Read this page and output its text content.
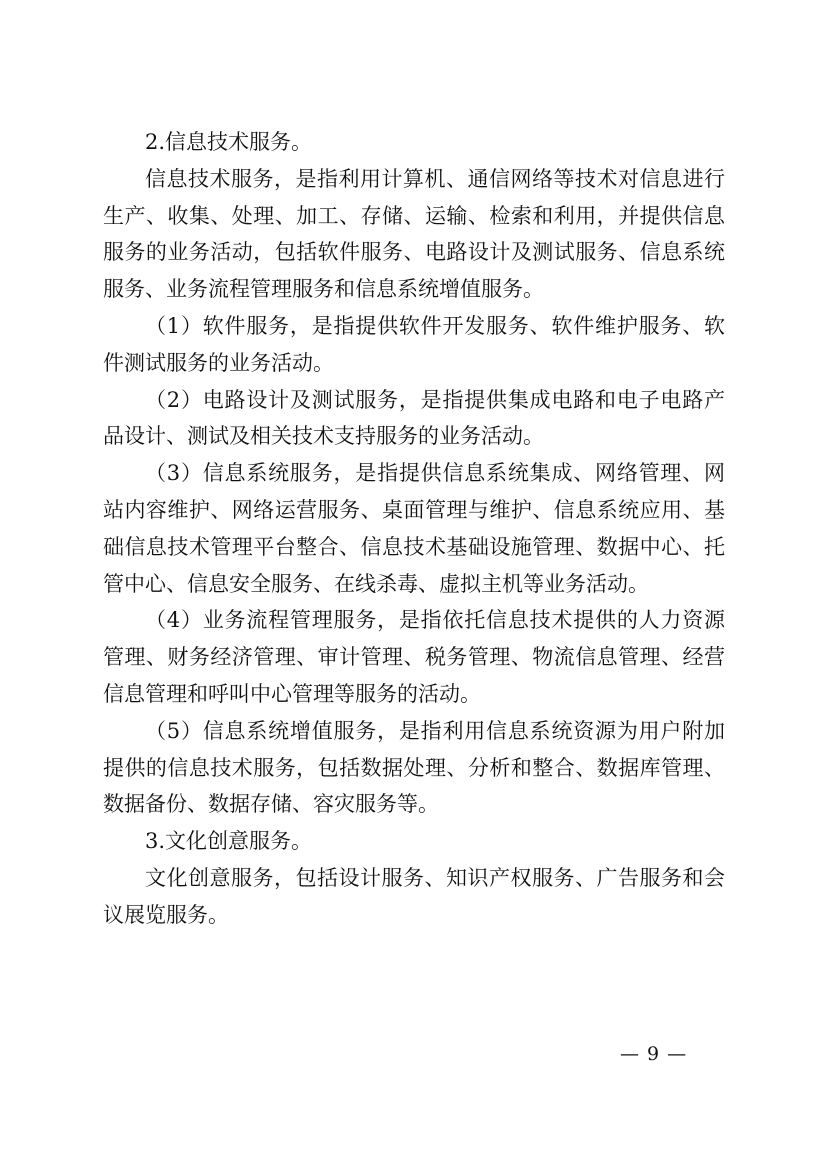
2.信息技术服务。

信息技术服务，是指利用计算机、通信网络等技术对信息进行生产、收集、处理、加工、存储、运输、检索和利用，并提供信息服务的业务活动，包括软件服务、电路设计及测试服务、信息系统服务、业务流程管理服务和信息系统增值服务。

（1）软件服务，是指提供软件开发服务、软件维护服务、软件测试服务的业务活动。

（2）电路设计及测试服务，是指提供集成电路和电子电路产品设计、测试及相关技术支持服务的业务活动。

（3）信息系统服务，是指提供信息系统集成、网络管理、网站内容维护、网络运营服务、桌面管理与维护、信息系统应用、基础信息技术管理平台整合、信息技术基础设施管理、数据中心、托管中心、信息安全服务、在线杀毒、虚拟主机等业务活动。

（4）业务流程管理服务，是指依托信息技术提供的人力资源管理、财务经济管理、审计管理、税务管理、物流信息管理、经营信息管理和呼叫中心管理等服务的活动。

（5）信息系统增值服务，是指利用信息系统资源为用户附加提供的信息技术服务，包括数据处理、分析和整合、数据库管理、数据备份、数据存储、容灾服务等。

3.文化创意服务。

文化创意服务，包括设计服务、知识产权服务、广告服务和会议展览服务。

— 9 —
